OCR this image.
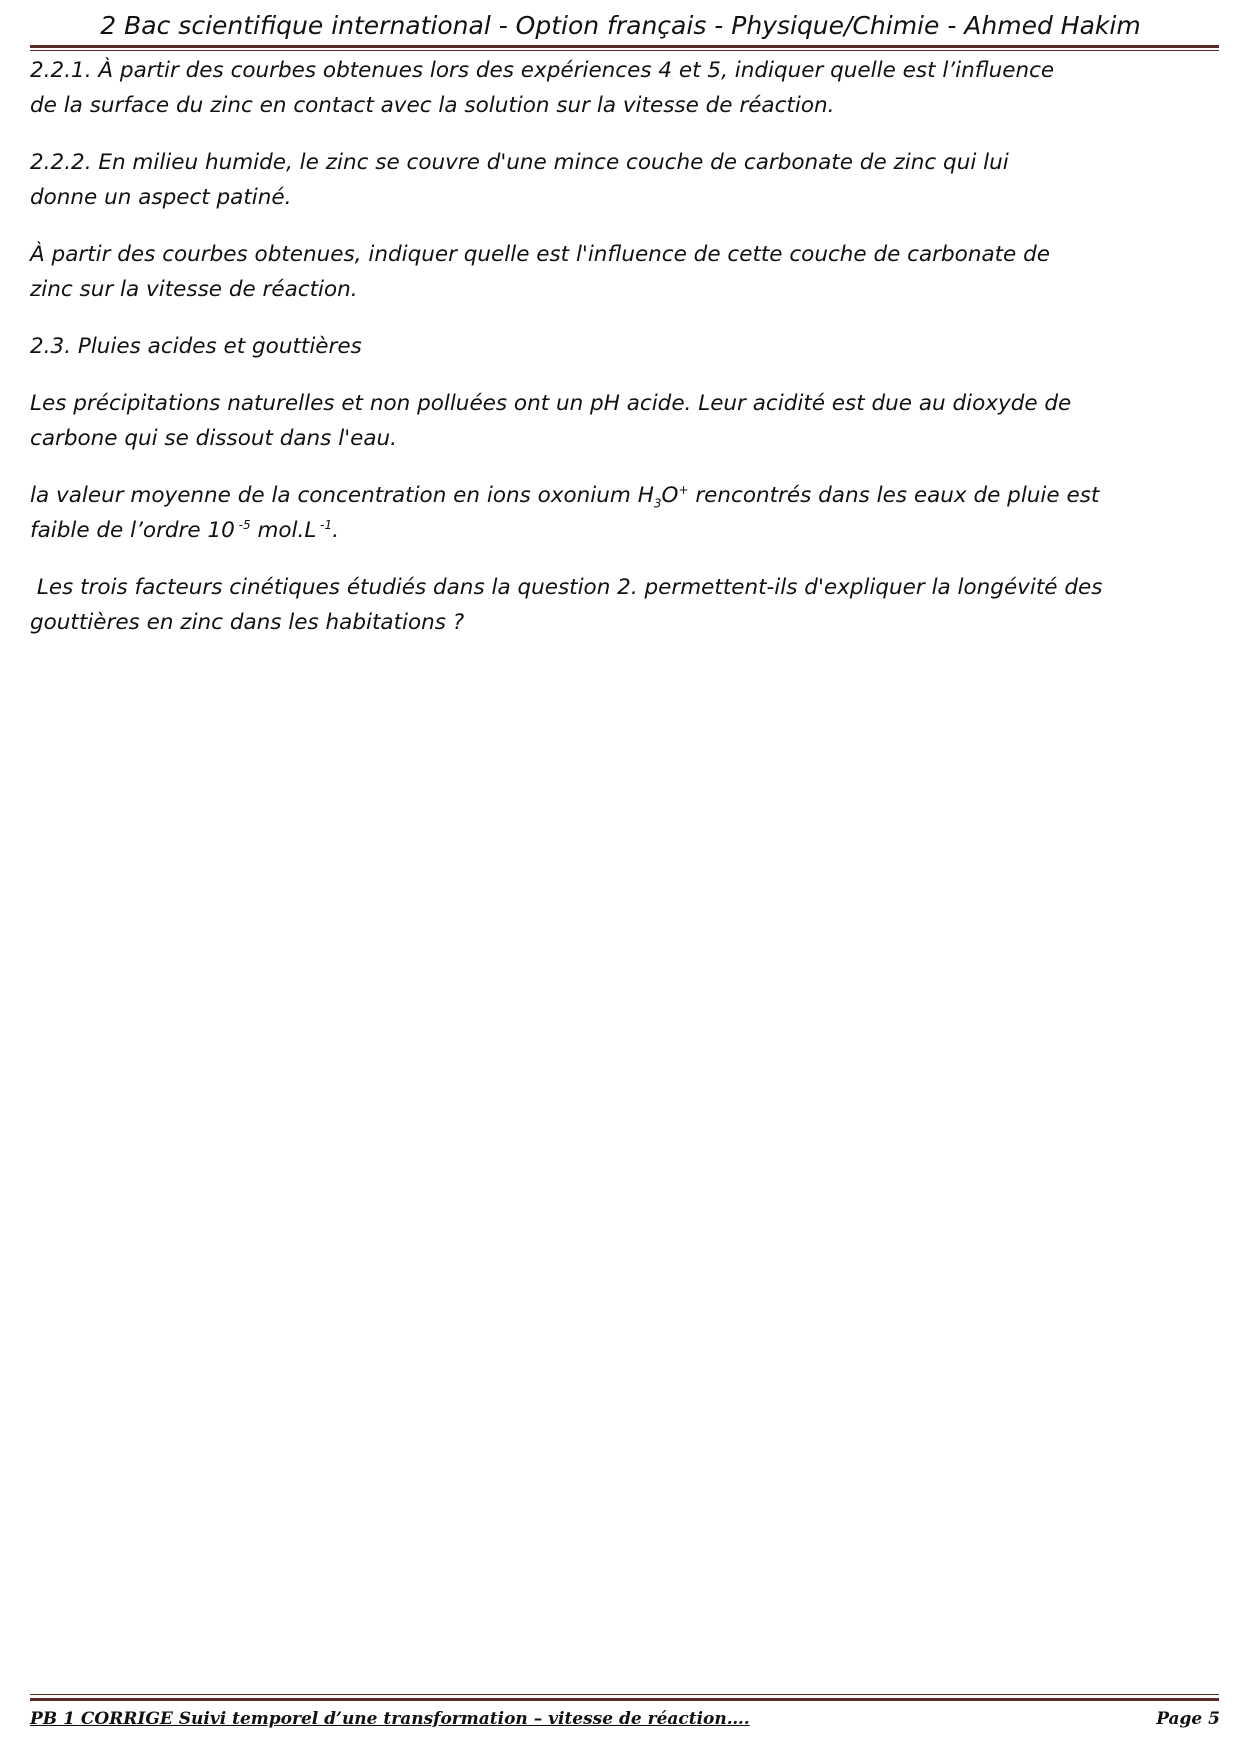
2 Bac scientifique international - Option français - Physique/Chimie - Ahmed Hakim

2.2.1. À partir des courbes obtenues lors des expériences 4 et 5, indiquer quelle est l’influence
de la surface du zinc en contact avec la solution sur la vitesse de réaction.

2.2.2. En milieu humide, le zinc se couvre d'une mince couche de carbonate de zinc qui lui
donne un aspect patiné.

À partir des courbes obtenues, indiquer quelle est l'influence de cette couche de carbonate de
zinc sur la vitesse de réaction.

2.3. Pluies acides et gouttières

Les précipitations naturelles et non polluées ont un pH acide. Leur acidité est due au dioxyde de
carbone qui se dissout dans l'eau.

la valeur moyenne de la concentration en ions oxonium $H_3O^+$ rencontrés dans les eaux de pluie est
faible de l’ordre 10 $^{-5}$ mol.L $^{-1}$.

Les trois facteurs cinétiques étudiés dans la question 2. permettent-ils d'expliquer la longévité des
gouttières en zinc dans les habitations ?

PB 1 CORRIGE Suivi temporel d’une transformation – vitesse de réaction….	Page 5
